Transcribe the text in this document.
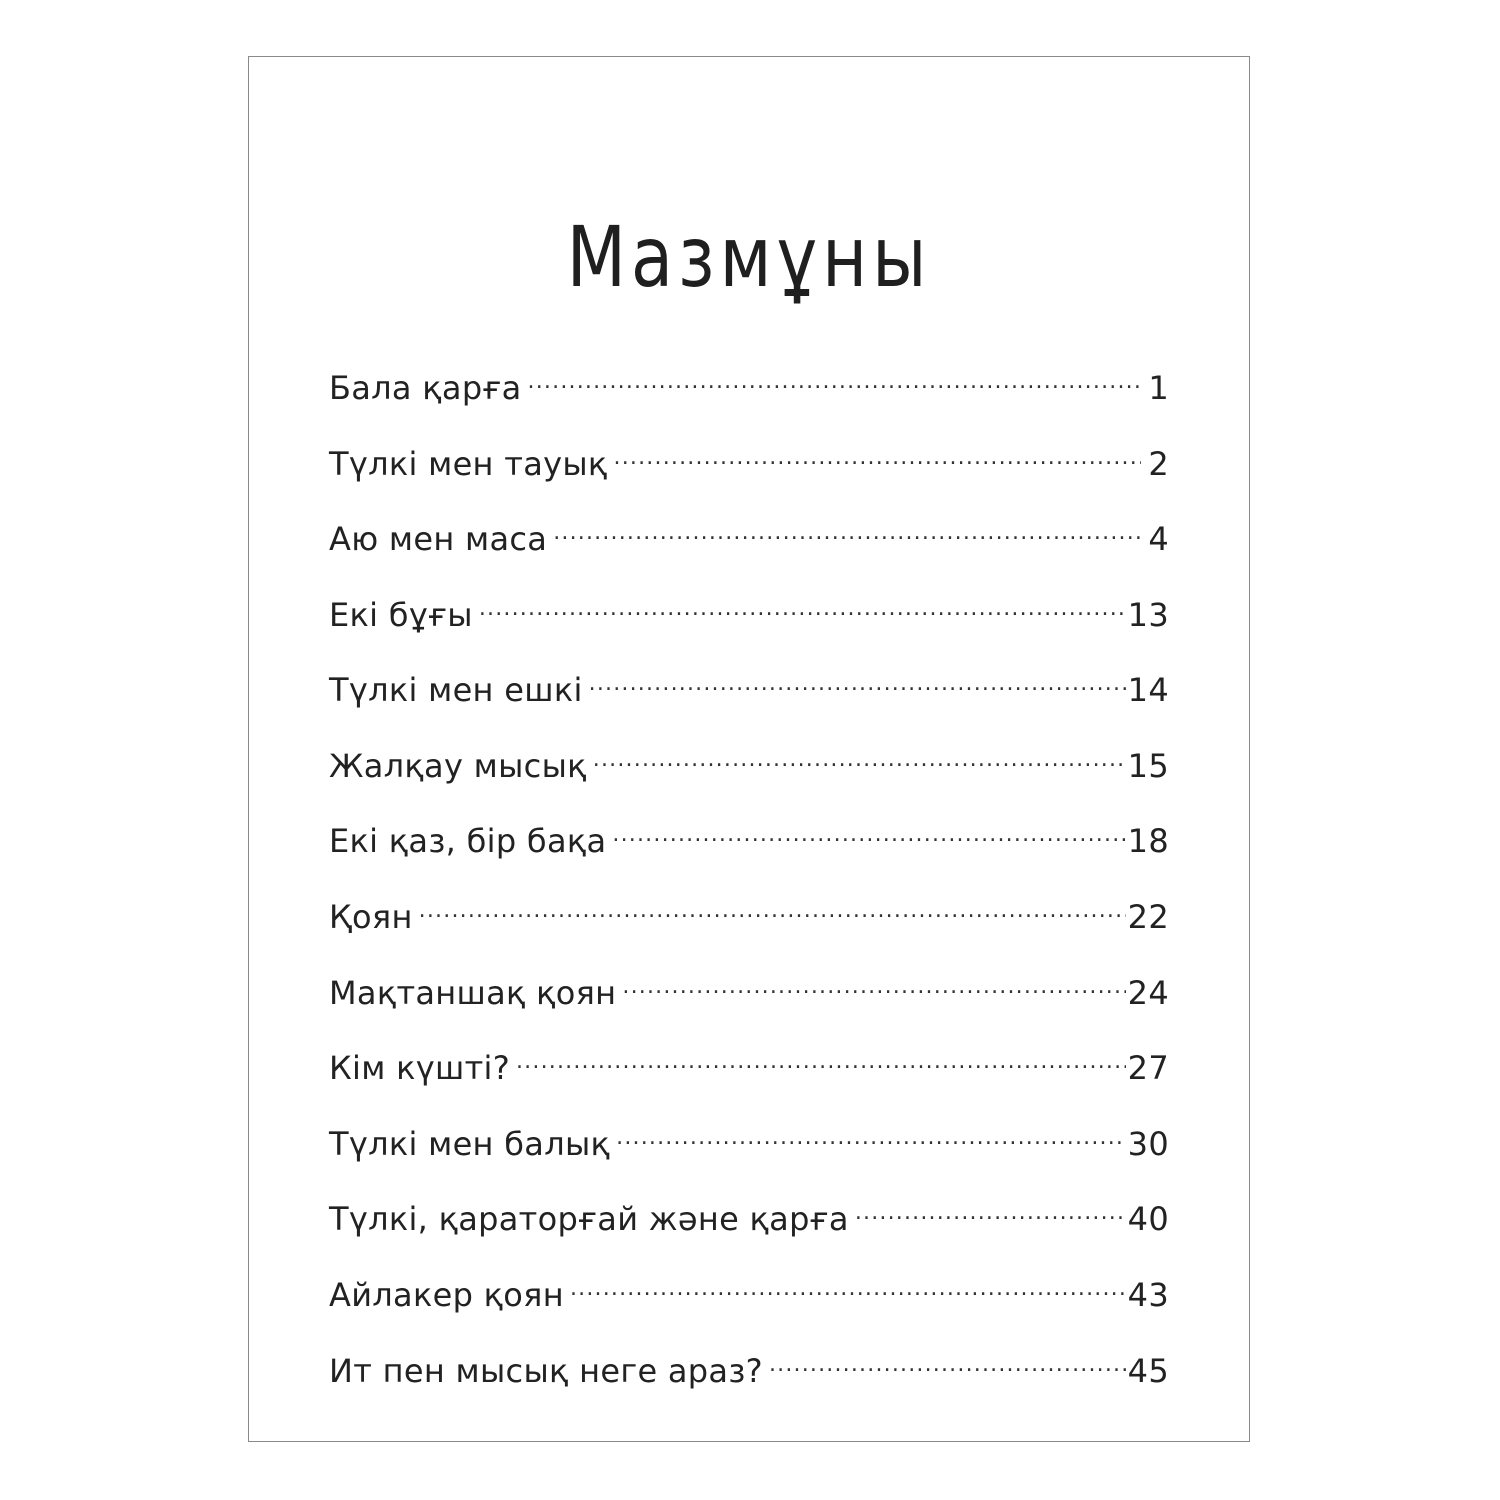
Мазмұны
Бала қарға .....	1
Түлкі мен тауық .....	2
Аю мен маса .....	4
Екі бұғы .....	13
Түлкі мен ешкі .....	14
Жалқау мысық .....	15
Екі қаз, бір бақа .....	18
Қоян .....	22
Мақтаншақ қоян .....	24
Кім күшті? .....	27
Түлкі мен балық .....	30
Түлкі, қараторғай және қарға .....	40
Айлакер қоян .....	43
Ит пен мысық неге араз? .....	45
